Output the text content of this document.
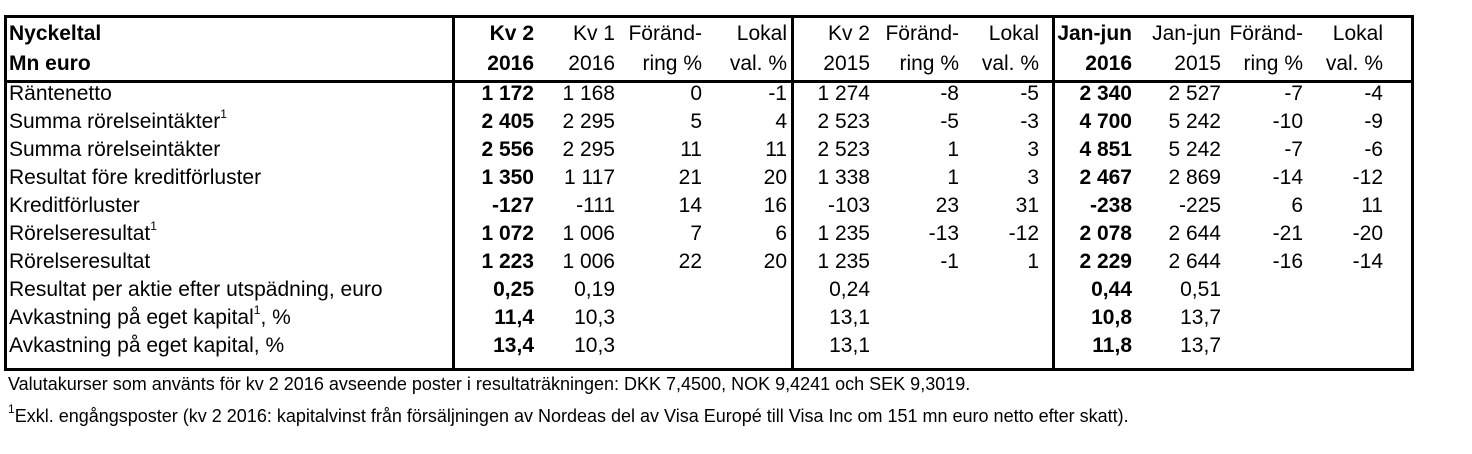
Nyckeltal	Kv 2	Kv 1	Föränd-	Lokal	Kv 2	Föränd-	Lokal	Jan-jun	Jan-jun	Föränd-	Lokal
Mn euro	2016	2016	ring %	val. %	2015	ring %	val. %	2016	2015	ring %	val. %
Räntenetto	1 172	1 168	0	-1	1 274	-8	-5	2 340	2 527	-7	-4
Summa rörelseintäkter$^1$	2 405	2 295	5	4	2 523	-5	-3	4 700	5 242	-10	-9
Summa rörelseintäkter	2 556	2 295	11	11	2 523	1	3	4 851	5 242	-7	-6
Resultat före kreditförluster	1 350	1 117	21	20	1 338	1	3	2 467	2 869	-14	-12
Kreditförluster	-127	-111	14	16	-103	23	31	-238	-225	6	11
Rörelseresultat$^1$	1 072	1 006	7	6	1 235	-13	-12	2 078	2 644	-21	-20
Rörelseresultat	1 223	1 006	22	20	1 235	-1	1	2 229	2 644	-16	-14
Resultat per aktie efter utspädning, euro	0,25	0,19			0,24			0,44	0,51		
Avkastning på eget kapital$^1$, %	11,4	10,3			13,1			10,8	13,7		
Avkastning på eget kapital, %	13,4	10,3			13,1			11,8	13,7		
Valutakurser som använts för kv 2 2016 avseende poster i resultaträkningen: DKK 7,4500, NOK 9,4241 och SEK 9,3019.
$^1$Exkl. engångsposter (kv 2 2016: kapitalvinst från försäljningen av Nordeas del av Visa Europé till Visa Inc om 151 mn euro netto efter skatt).
